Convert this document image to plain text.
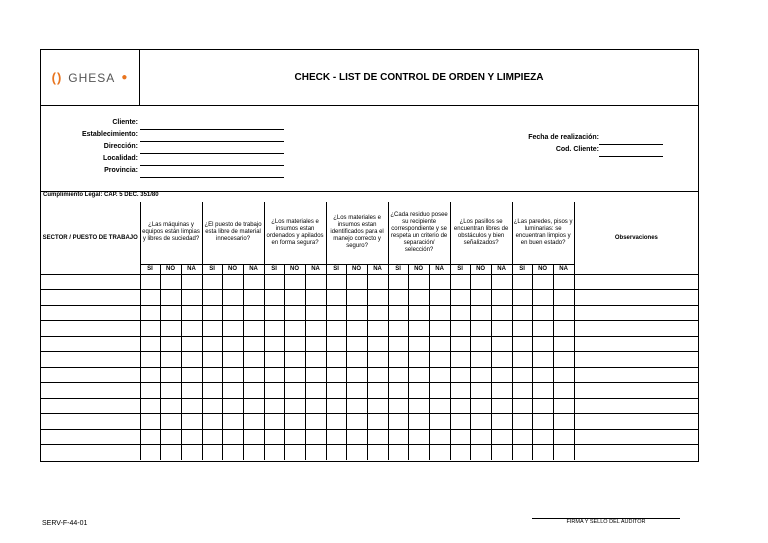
() GHESA ●	CHECK - LIST DE CONTROL DE ORDEN Y LIMPIEZA
Cliente:
Establecimiento:
Dirección:
Localidad:
Provincia:
Fecha de realización:
Cod. Cliente:
Cumplimiento Legal: CAP. 5 DEC. 351/80
SECTOR / PUESTO DE TRABAJO	¿Las máquinas y equipos están limpias y libres de suciedad?			¿El puesto de trabajo esta libre de material innecesario?			¿Los materiales e insumos estan ordenados y apilados en forma segura?			¿Los materiales e insumos estan identificados para el manejo correcto y seguro?			¿Cada residuo posee su recipiente correspondiente y se respeta un criterio de separación/ selección?			¿Los pasillos se encuentran libres de obstáculos y bien señalizados?			¿Las paredes, pisos y luminarias: se encuentran limpios y en buen estado?			Observaciones
	SI	NO	NA	SI	NO	NA	SI	NO	NA	SI	NO	NA	SI	NO	NA	SI	NO	NA	SI	NO	NA	

SERV-F-44-01	FIRMA Y SELLO DEL AUDITOR
